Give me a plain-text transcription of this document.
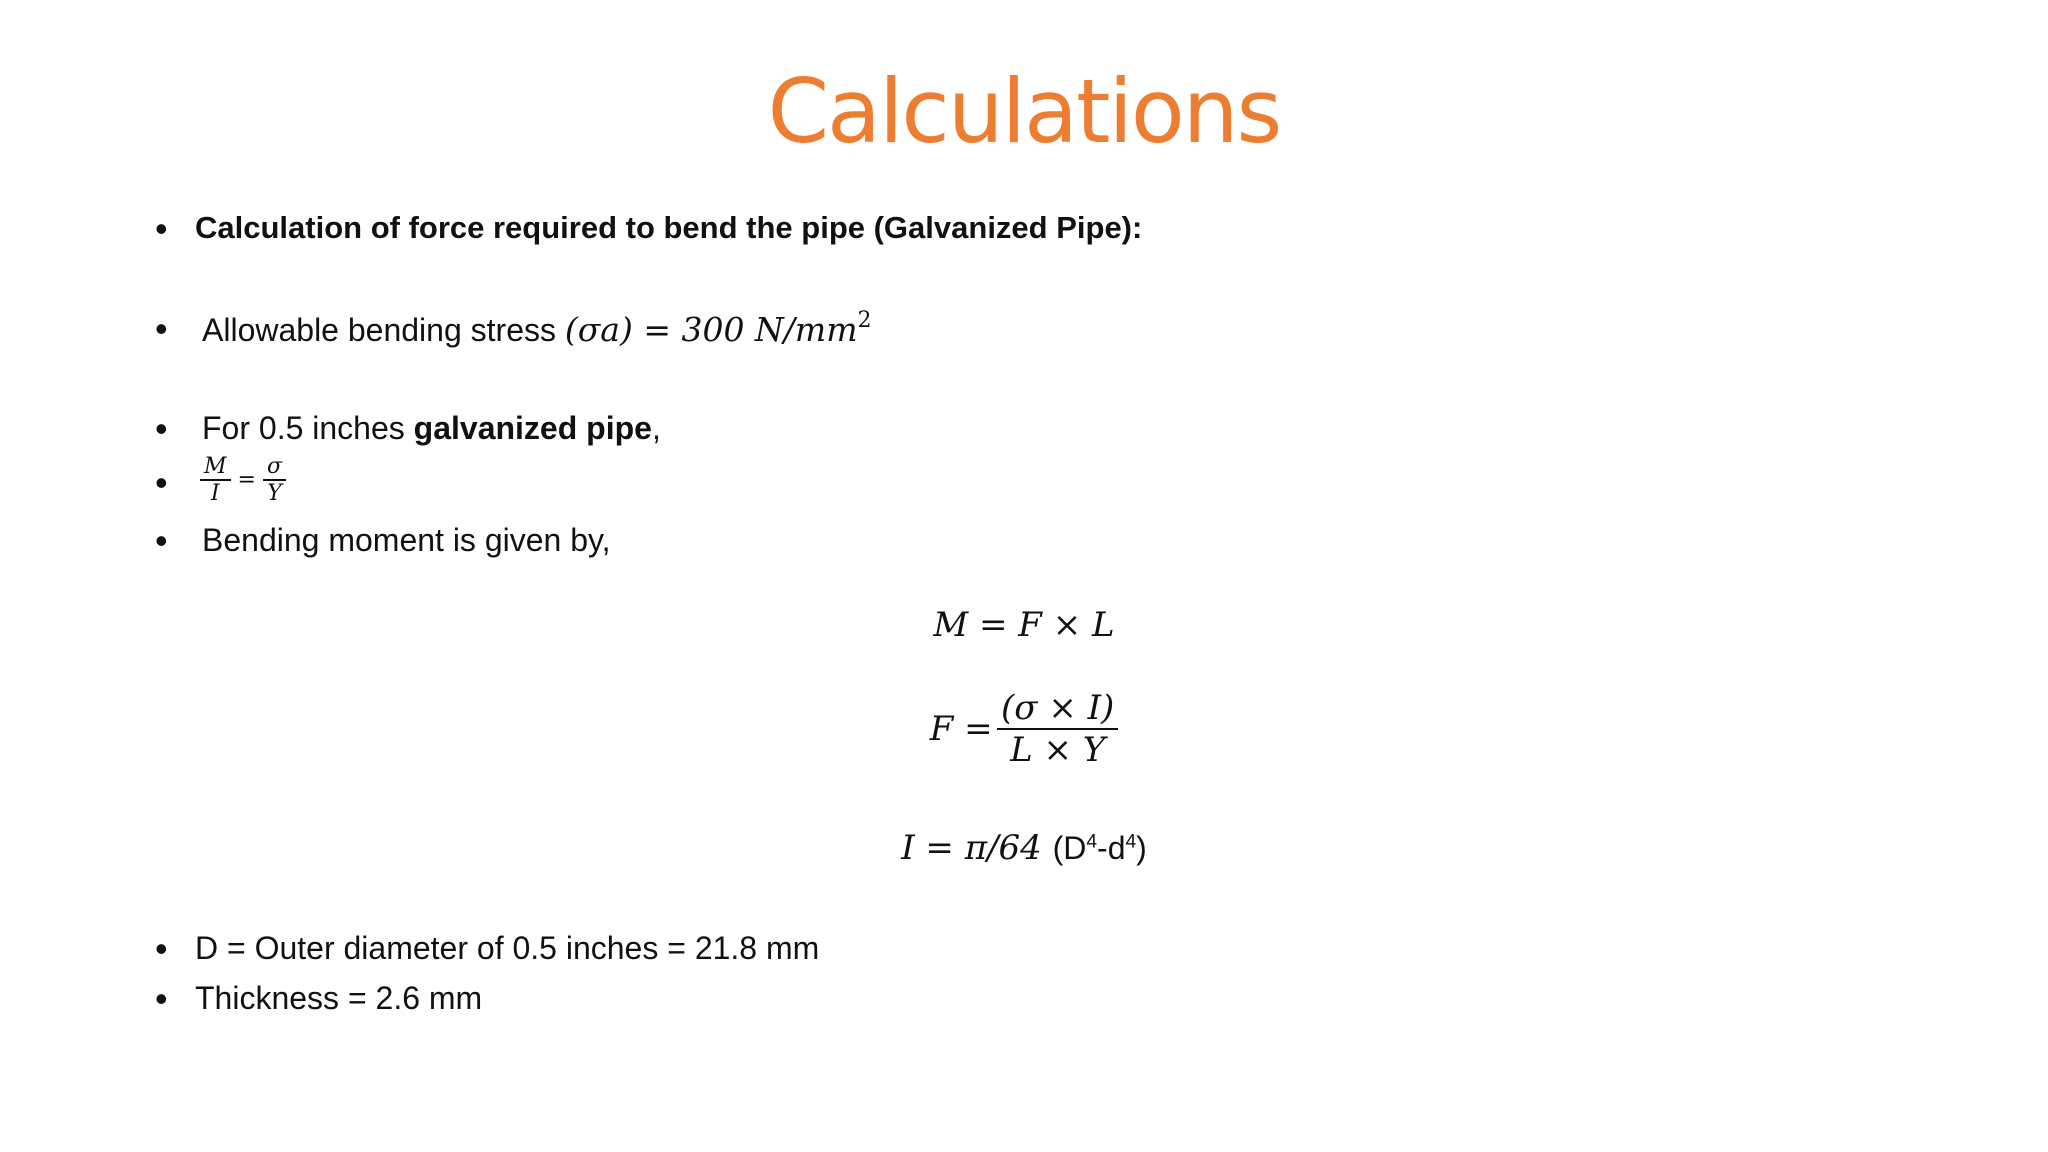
Calculations
• Calculation of force required to bend the pipe (Galvanized Pipe):
• Allowable bending stress (σa) = 300 $N/mm^2$
• For 0.5 inches galvanized pipe,
• $\frac{M}{I} = \frac{\sigma}{Y}$
• Bending moment is given by,
M = F × L
$F = \frac{(\sigma \times I)}{L \times Y}$
I = π/64 $(D^4-d^4)$
• D = Outer diameter of 0.5 inches = 21.8 mm
• Thickness = 2.6 mm
